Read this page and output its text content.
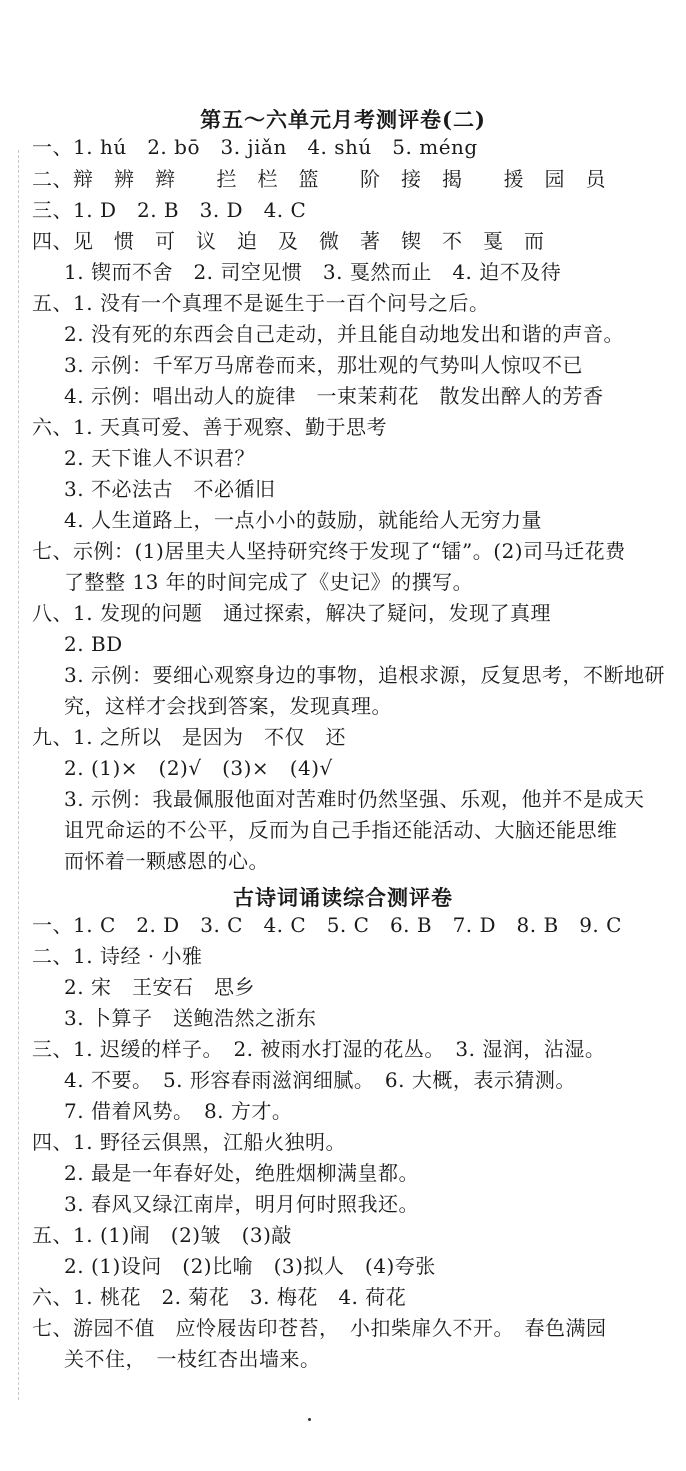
第五～六单元月考测评卷(二)
一、1. hú　2. bō　3. jiǎn　4. shú　5. méng
二、辩　辨　辫　　拦　栏　篮　　阶　接　揭　　援　园　员
三、1. D　2. B　3. D　4. C
四、见　惯　可　议　迫　及　微　著　锲　不　戛　而
1. 锲而不舍　2. 司空见惯　3. 戛然而止　4. 迫不及待
五、1. 没有一个真理不是诞生于一百个问号之后。
2. 没有死的东西会自己走动，并且能自动地发出和谐的声音。
3. 示例：千军万马席卷而来，那壮观的气势叫人惊叹不已
4. 示例：唱出动人的旋律　一束茉莉花　散发出醉人的芳香
六、1. 天真可爱、善于观察、勤于思考
2. 天下谁人不识君？
3. 不必法古　不必循旧
4. 人生道路上，一点小小的鼓励，就能给人无穷力量
七、示例：(1)居里夫人坚持研究终于发现了“镭”。(2)司马迁花费
了整整 13 年的时间完成了《史记》的撰写。
八、1. 发现的问题　通过探索，解决了疑问，发现了真理
2. BD
3. 示例：要细心观察身边的事物，追根求源，反复思考，不断地研
究，这样才会找到答案，发现真理。
九、1. 之所以　是因为　不仅　还
2. (1)×　(2)√　(3)×　(4)√
3. 示例：我最佩服他面对苦难时仍然坚强、乐观，他并不是成天
诅咒命运的不公平，反而为自己手指还能活动、大脑还能思维
而怀着一颗感恩的心。
古诗词诵读综合测评卷
一、1. C　2. D　3. C　4. C　5. C　6. B　7. D　8. B　9. C
二、1. 诗经 · 小雅
2. 宋　王安石　思乡
3. 卜算子　送鲍浩然之浙东
三、1. 迟缓的样子。　2. 被雨水打湿的花丛。　3. 湿润，沾湿。
4. 不要。　5. 形容春雨滋润细腻。　6. 大概，表示猜测。
7. 借着风势。　8. 方才。
四、1. 野径云俱黑，江船火独明。
2. 最是一年春好处，绝胜烟柳满皇都。
3. 春风又绿江南岸，明月何时照我还。
五、1. (1)闹　(2)皱　(3)敲
2. (1)设问　(2)比喻　(3)拟人　(4)夸张
六、1. 桃花　2. 菊花　3. 梅花　4. 荷花
七、游园不值　应怜屐齿印苍苔，　小扣柴扉久不开。　春色满园
关不住，　一枝红杏出墙来。
